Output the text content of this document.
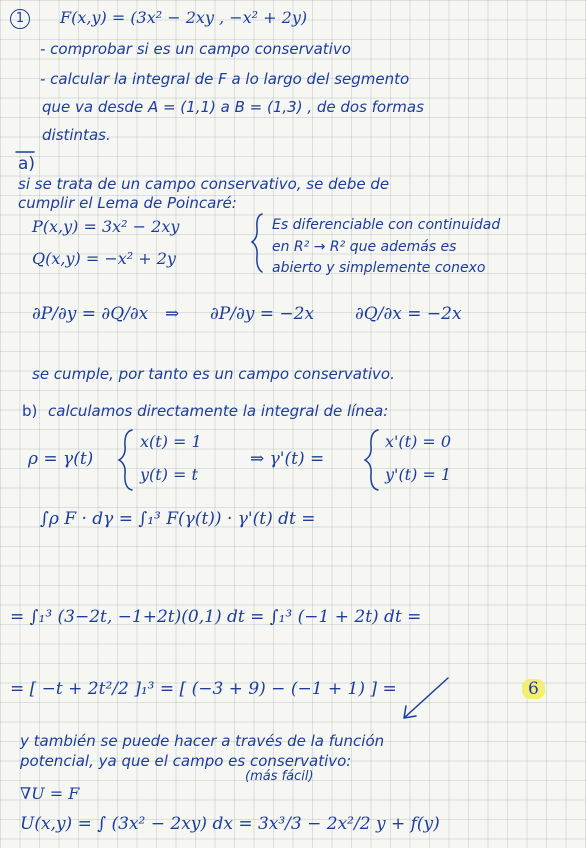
1	F(x,y) = (3x² − 2xy , −x² + 2y)
- comprobar si es un campo conservativo
- calcular la integral de F a lo largo del segmento
que va desde A = (1,1) a B = (1,3) , de dos formas
distintas.
a)
si se trata de un campo conservativo, se debe de
cumplir el Lema de Poincaré:
P(x,y) = 3x² − 2xy
Q(x,y) = −x² + 2y
Es diferenciable con continuidad
en R² → R² que además es
abierto y simplemente conexo
∂P/∂y = ∂Q/∂x ⇒ ∂P/∂y = −2x ∂Q/∂x = −2x
se cumple, por tanto es un campo conservativo.
b) calculamos directamente la integral de línea:
ρ = γ(t)
x(t) = 1
y(t) = t
⇒ γ'(t) =
x'(t) = 0
y'(t) = 1
∫ρ F · dγ = ∫₁³ F(γ(t)) · γ'(t) dt =
= ∫₁³ (3−2t, −1+2t)(0,1) dt = ∫₁³ (−1 + 2t) dt =
= [ −t + 2t²/2 ]₁³ = [ (−3 + 9) − (−1 + 1) ] =	6
y también se puede hacer a través de la función
potencial, ya que el campo es conservativo:
(más fácil)
∇U = F
U(x,y) = ∫ (3x² − 2xy) dx = 3x³/3 − 2x²/2 y + f(y)
